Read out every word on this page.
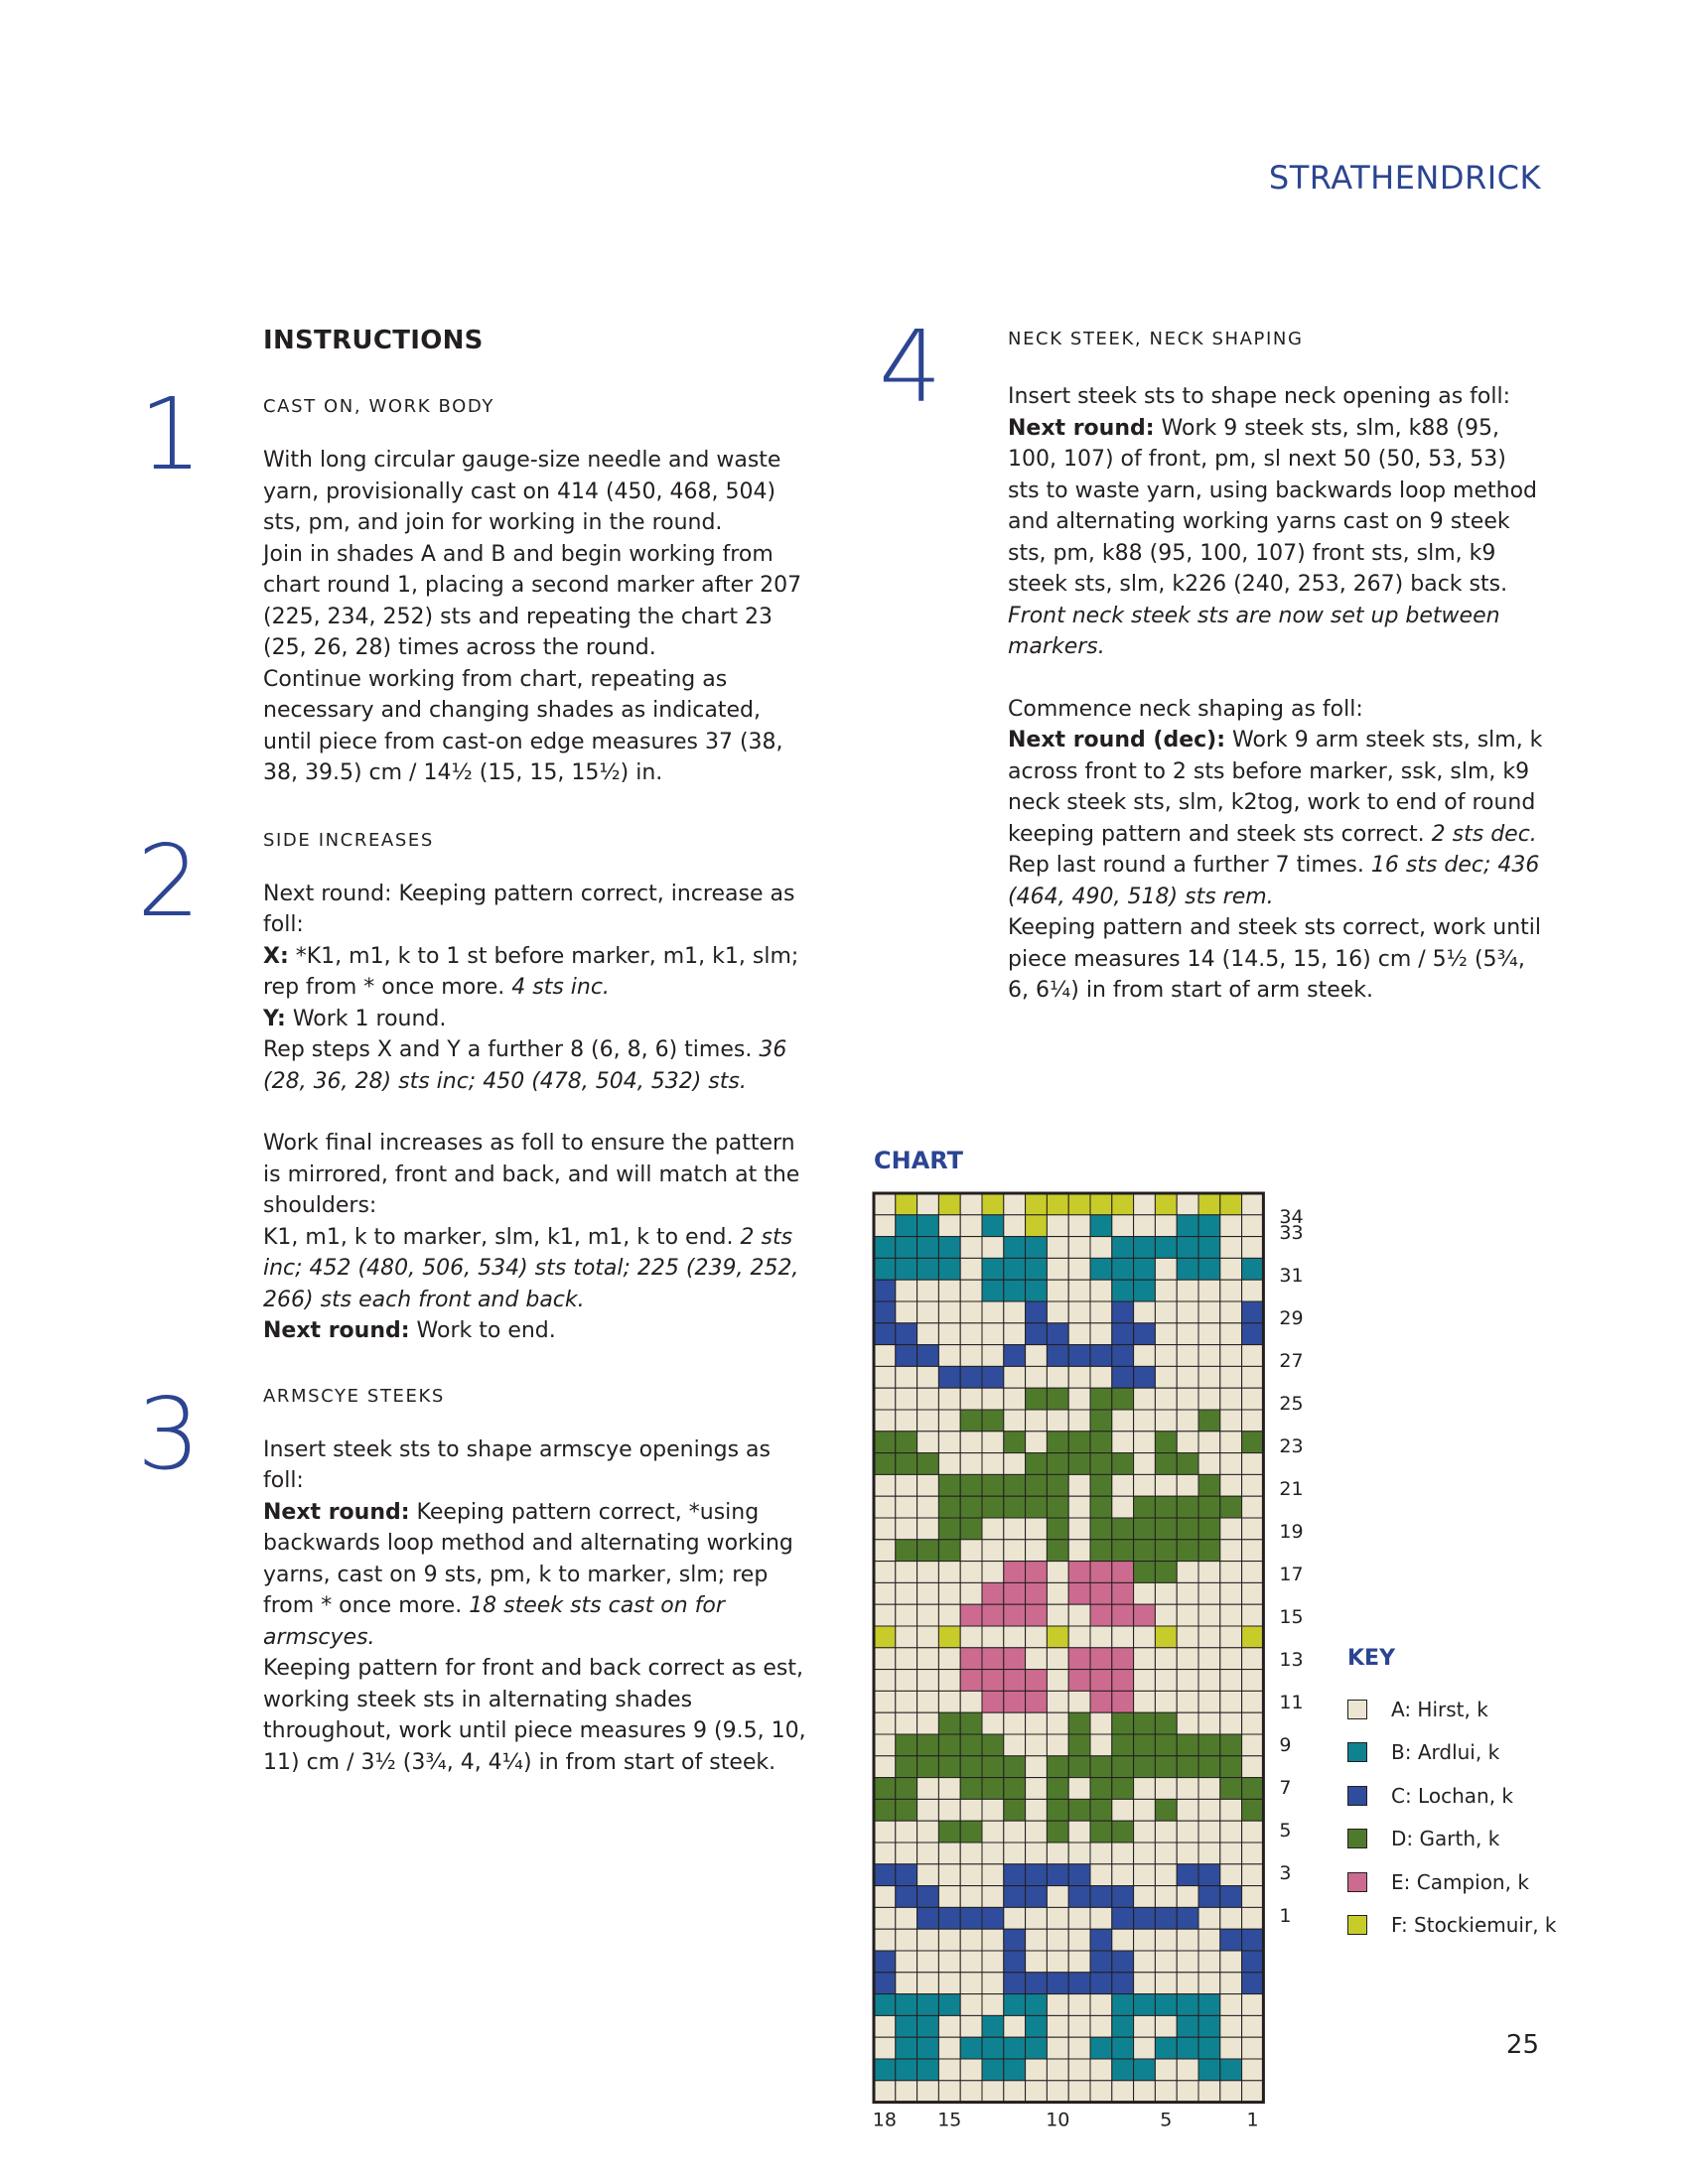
STRATHENDRICK
1
2
3
4
INSTRUCTIONS
CAST ON, WORK BODY

With long circular gauge-size needle and waste yarn, provisionally cast on 414 (450, 468, 504) sts, pm, and join for working in the round.

Join in shades A and B and begin working from chart round 1, placing a second marker after 207 (225, 234, 252) sts and repeating the chart 23 (25, 26, 28) times across the round.

Continue working from chart, repeating as necessary and changing shades as indicated, until piece from cast-on edge measures 37 (38, 38, 39.5) cm / 14½ (15, 15, 15½) in.

SIDE INCREASES

Next round: Keeping pattern correct, increase as foll:

X: *K1, m1, k to 1 st before marker, m1, k1, slm; rep from * once more. 4 sts inc.

Y: Work 1 round.

Rep steps X and Y a further 8 (6, 8, 6) times. 36 (28, 36, 28) sts inc; 450 (478, 504, 532) sts.

Work final increases as foll to ensure the pattern is mirrored, front and back, and will match at the shoulders:

K1, m1, k to marker, slm, k1, m1, k to end. 2 sts inc; 452 (480, 506, 534) sts total; 225 (239, 252, 266) sts each front and back.

Next round: Work to end.

ARMSCYE STEEKS

Insert steek sts to shape armscye openings as foll:

Next round: Keeping pattern correct, *using backwards loop method and alternating working yarns, cast on 9 sts, pm, k to marker, slm; rep from * once more. 18 steek sts cast on for armscyes.

Keeping pattern for front and back correct as est, working steek sts in alternating shades throughout, work until piece measures 9 (9.5, 10, 11) cm / 3½ (3¾, 4, 4¼) in from start of steek.

NECK STEEK, NECK SHAPING

Insert steek sts to shape neck opening as foll:

Next round: Work 9 steek sts, slm, k88 (95, 100, 107) of front, pm, sl next 50 (50, 53, 53) sts to waste yarn, using backwards loop method and alternating working yarns cast on 9 steek sts, pm, k88 (95, 100, 107) front sts, slm, k9 steek sts, slm, k226 (240, 253, 267) back sts. Front neck steek sts are now set up between markers.

Commence neck shaping as foll:

Next round (dec): Work 9 arm steek sts, slm, k across front to 2 sts before marker, ssk, slm, k9 neck steek sts, slm, k2tog, work to end of round keeping pattern and steek sts correct. 2 sts dec.

Rep last round a further 7 times. 16 sts dec; 436 (464, 490, 518) sts rem.

Keeping pattern and steek sts correct, work until piece measures 14 (14.5, 15, 16) cm / 5½ (5¾, 6, 6¼) in from start of arm steek.

CHART
34
33
31
29
27
25
23
21
19
17
15
13
11
9
7
5
3
1
18 15	10	5	1
KEY
A: Hirst, k
B: Ardlui, k
C: Lochan, k
D: Garth, k
E: Campion, k
F: Stockiemuir, k
25
